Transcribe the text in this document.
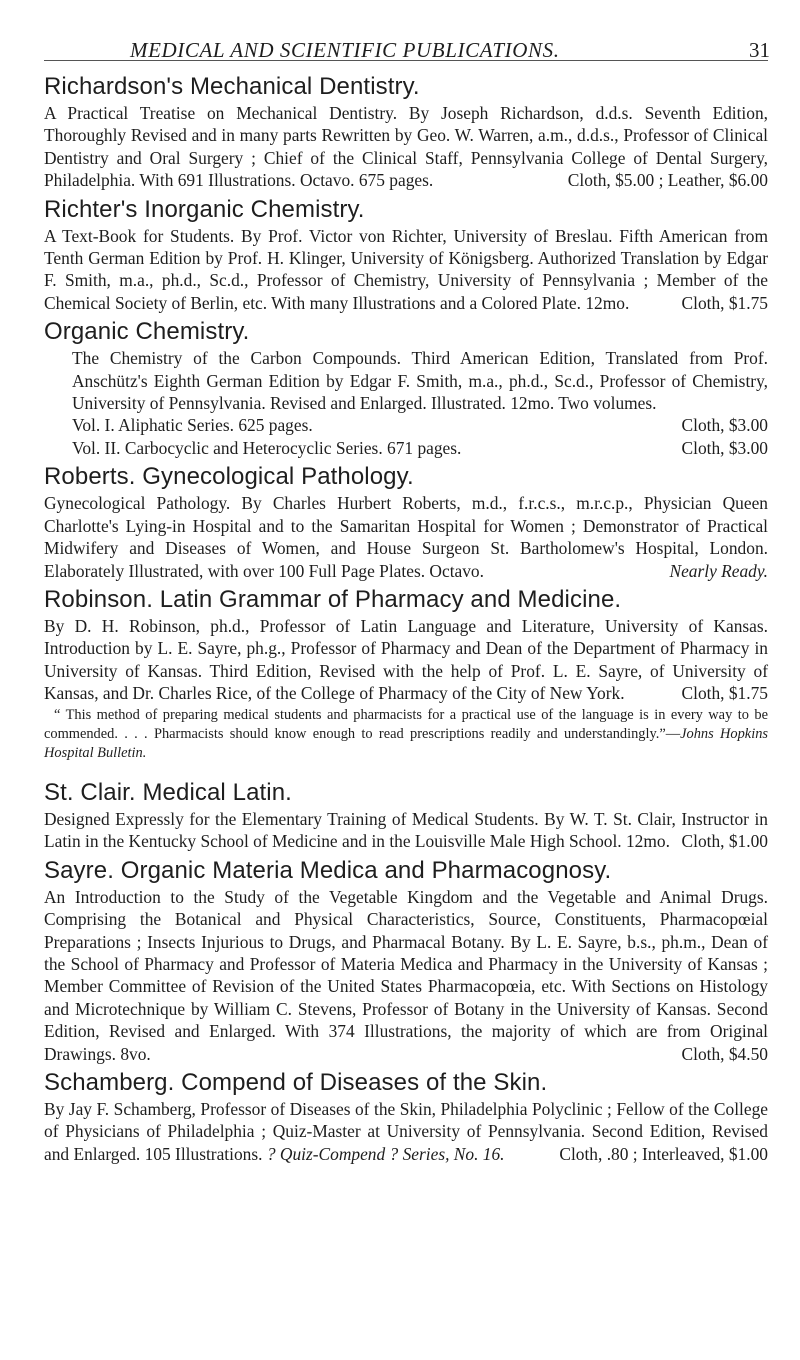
MEDICAL AND SCIENTIFIC PUBLICATIONS.	31
Richardson's Mechanical Dentistry.

A Practical Treatise on Mechanical Dentistry. By Joseph Richardson, d.d.s. Seventh Edition, Thoroughly Revised and in many parts Rewritten by Geo. W. Warren, a.m., d.d.s., Professor of Clinical Dentistry and Oral Surgery ; Chief of the Clinical Staff, Pennsylvania College of Dental Surgery, Philadelphia. With 691 Illustrations. Octavo. 675 pages.	Cloth, $5.00 ; Leather, $6.00

Richter's Inorganic Chemistry.

A Text-Book for Students. By Prof. Victor von Richter, University of Breslau. Fifth American from Tenth German Edition by Prof. H. Klinger, University of Königsberg. Authorized Translation by Edgar F. Smith, m.a., ph.d., Sc.d., Professor of Chemistry, University of Pennsylvania ; Member of the Chemical Society of Berlin, etc. With many Illustrations and a Colored Plate. 12mo.	Cloth, $1.75

Organic Chemistry.

The Chemistry of the Carbon Compounds. Third American Edition, Translated from Prof. Anschütz's Eighth German Edition by Edgar F. Smith, m.a., ph.d., Sc.d., Professor of Chemistry, University of Pennsylvania. Revised and Enlarged. Illustrated. 12mo. Two volumes.

Vol. I. Aliphatic Series. 625 pages.	Cloth, $3.00
Vol. II. Carbocyclic and Heterocyclic Series. 671 pages.	Cloth, $3.00

Roberts. Gynecological Pathology.

Gynecological Pathology. By Charles Hurbert Roberts, m.d., f.r.c.s., m.r.c.p., Physician Queen Charlotte's Lying-in Hospital and to the Samaritan Hospital for Women ; Demonstrator of Practical Midwifery and Diseases of Women, and House Surgeon St. Bartholomew's Hospital, London. Elaborately Illustrated, with over 100 Full Page Plates. Octavo.	Nearly Ready.

Robinson. Latin Grammar of Pharmacy and Medicine.

By D. H. Robinson, ph.d., Professor of Latin Language and Literature, University of Kansas. Introduction by L. E. Sayre, ph.g., Professor of Pharmacy and Dean of the Department of Pharmacy in University of Kansas. Third Edition, Revised with the help of Prof. L. E. Sayre, of University of Kansas, and Dr. Charles Rice, of the College of Pharmacy of the City of New York.	Cloth, $1.75

“ This method of preparing medical students and pharmacists for a practical use of the language is in every way to be commended. . . . Pharmacists should know enough to read prescriptions readily and understandingly.”—Johns Hopkins Hospital Bulletin.

St. Clair. Medical Latin.

Designed Expressly for the Elementary Training of Medical Students. By W. T. St. Clair, Instructor in Latin in the Kentucky School of Medicine and in the Louisville Male High School. 12mo. Cloth, $1.00

Sayre. Organic Materia Medica and Pharmacognosy.

An Introduction to the Study of the Vegetable Kingdom and the Vegetable and Animal Drugs. Comprising the Botanical and Physical Characteristics, Source, Constituents, Pharmacopœial Preparations ; Insects Injurious to Drugs, and Pharmacal Botany. By L. E. Sayre, b.s., ph.m., Dean of the School of Pharmacy and Professor of Materia Medica and Pharmacy in the University of Kansas ; Member Committee of Revision of the United States Pharmacopœia, etc. With Sections on Histology and Microtechnique by William C. Stevens, Professor of Botany in the University of Kansas. Second Edition, Revised and Enlarged. With 374 Illustrations, the majority of which are from Original Drawings. 8vo.	Cloth, $4.50

Schamberg. Compend of Diseases of the Skin.

By Jay F. Schamberg, Professor of Diseases of the Skin, Philadelphia Polyclinic ; Fellow of the College of Physicians of Philadelphia ; Quiz-Master at University of Pennsylvania. Second Edition, Revised and Enlarged. 105 Illustrations. ? Quiz-Compend ? Series, No. 16.	Cloth, .80 ; Interleaved, $1.00
